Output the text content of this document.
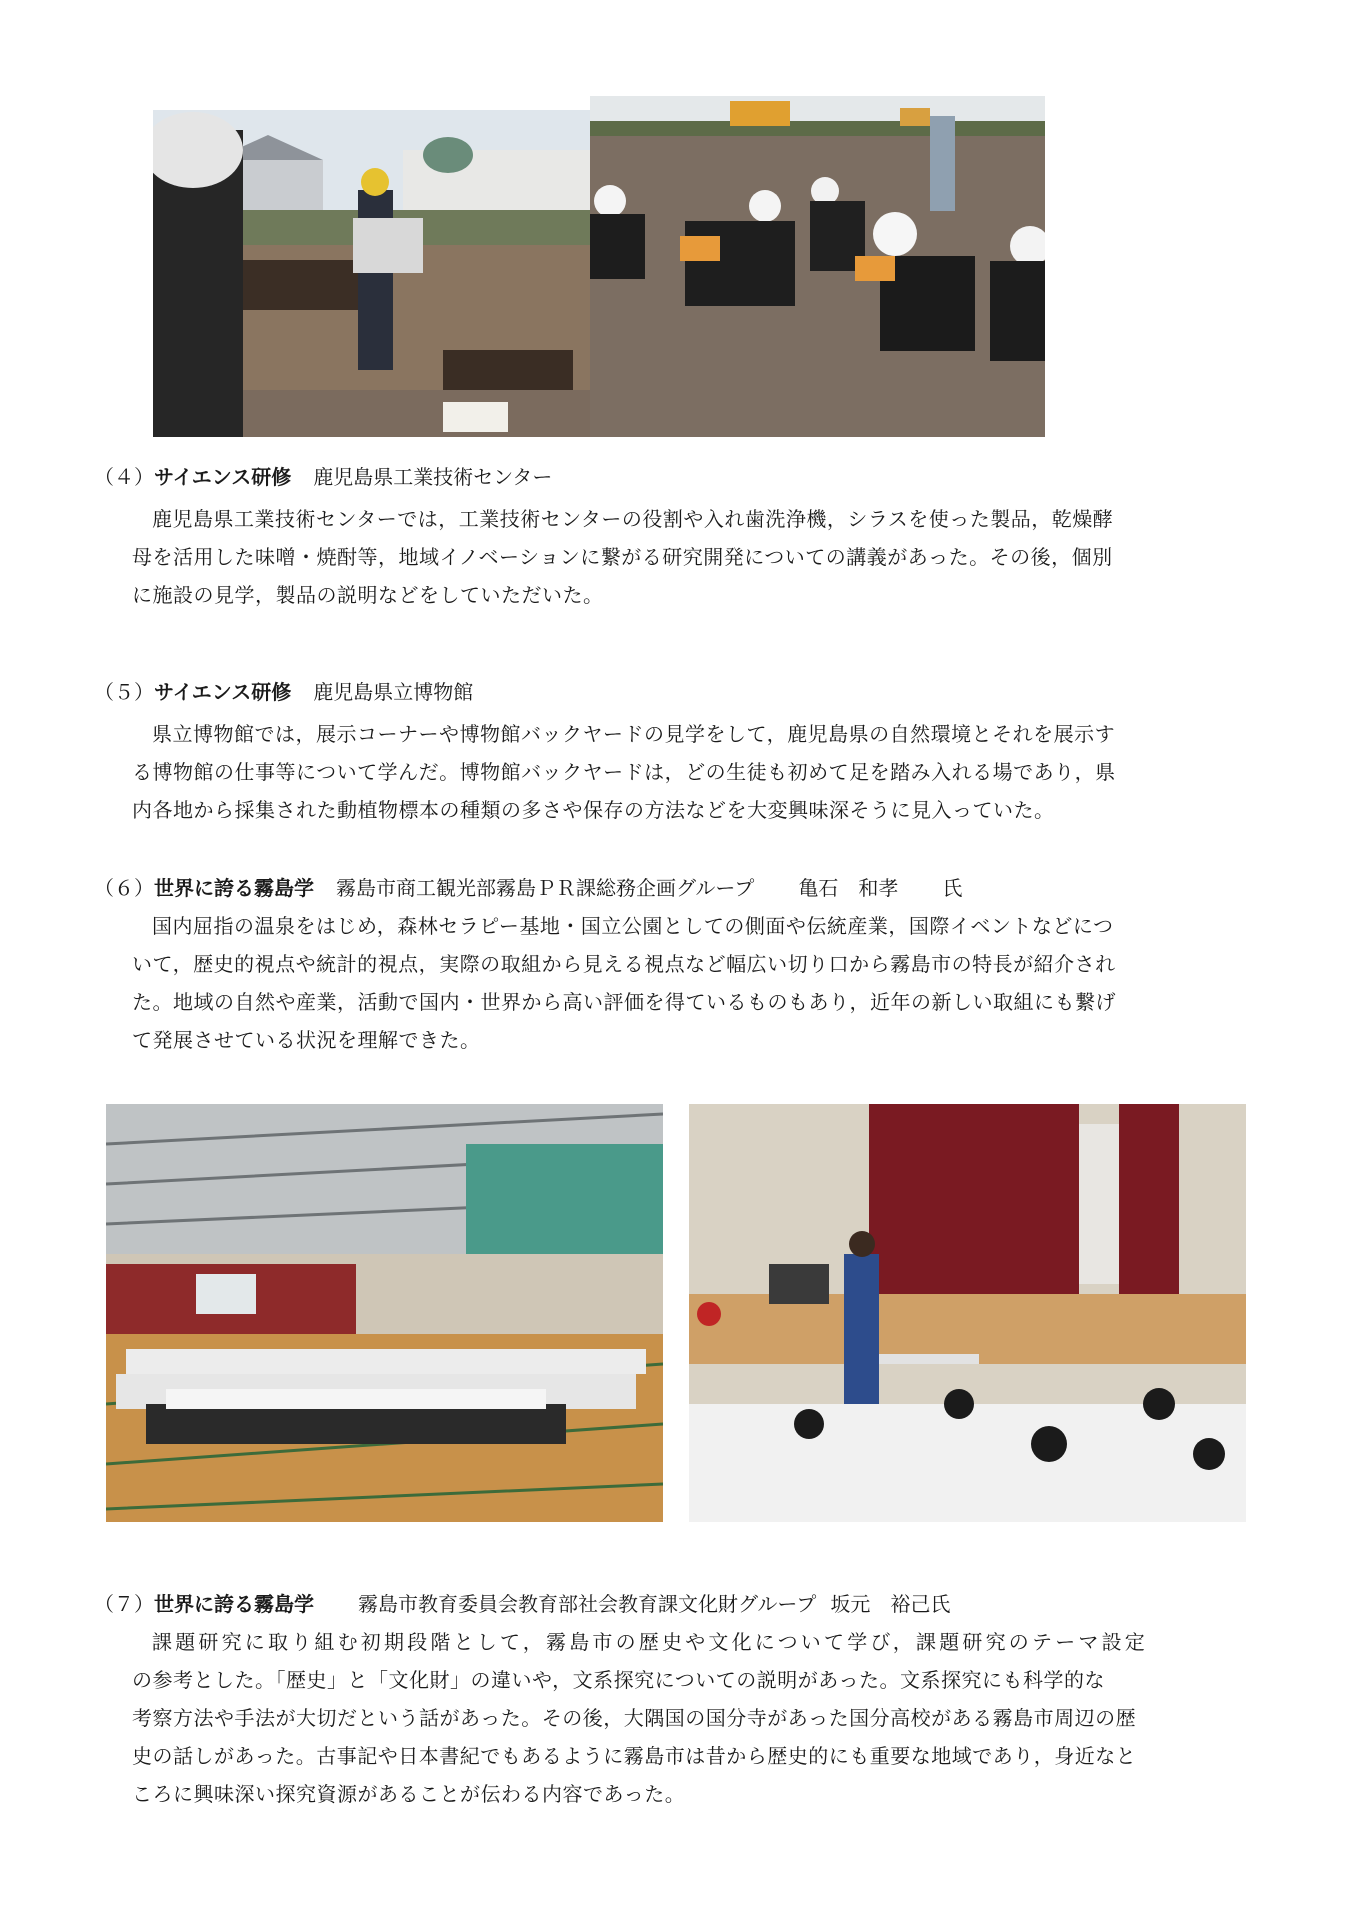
（４）サイエンス研修 鹿児島県工業技術センター
鹿児島県工業技術センターでは，工業技術センターの役割や入れ歯洗浄機，シラスを使った製品，乾燥酵
母を活用した味噌・焼酎等，地域イノベーションに繋がる研究開発についての講義があった。その後，個別
に施設の見学，製品の説明などをしていただいた。
（５）サイエンス研修 鹿児島県立博物館
県立博物館では，展示コーナーや博物館バックヤードの見学をして，鹿児島県の自然環境とそれを展示す
る博物館の仕事等について学んだ。博物館バックヤードは，どの生徒も初めて足を踏み入れる場であり，県
内各地から採集された動植物標本の種類の多さや保存の方法などを大変興味深そうに見入っていた。
（６）世界に誇る霧島学 霧島市商工観光部霧島ＰＲ課総務企画グループ 亀石　和孝 氏
国内屈指の温泉をはじめ，森林セラピー基地・国立公園としての側面や伝統産業，国際イベントなどにつ
いて，歴史的視点や統計的視点，実際の取組から見える視点など幅広い切り口から霧島市の特長が紹介され
た。地域の自然や産業，活動で国内・世界から高い評価を得ているものもあり，近年の新しい取組にも繋げ
て発展させている状況を理解できた。
（７）世界に誇る霧島学 霧島市教育委員会教育部社会教育課文化財グループ 坂元　裕己氏
課題研究に取り組む初期段階として，霧島市の歴史や文化について学び，課題研究のテーマ設定
の参考とした。「歴史」と「文化財」の違いや，文系探究についての説明があった。文系探究にも科学的な
考察方法や手法が大切だという話があった。その後，大隅国の国分寺があった国分高校がある霧島市周辺の歴
史の話しがあった。古事記や日本書紀でもあるように霧島市は昔から歴史的にも重要な地域であり，身近なと
ころに興味深い探究資源があることが伝わる内容であった。
